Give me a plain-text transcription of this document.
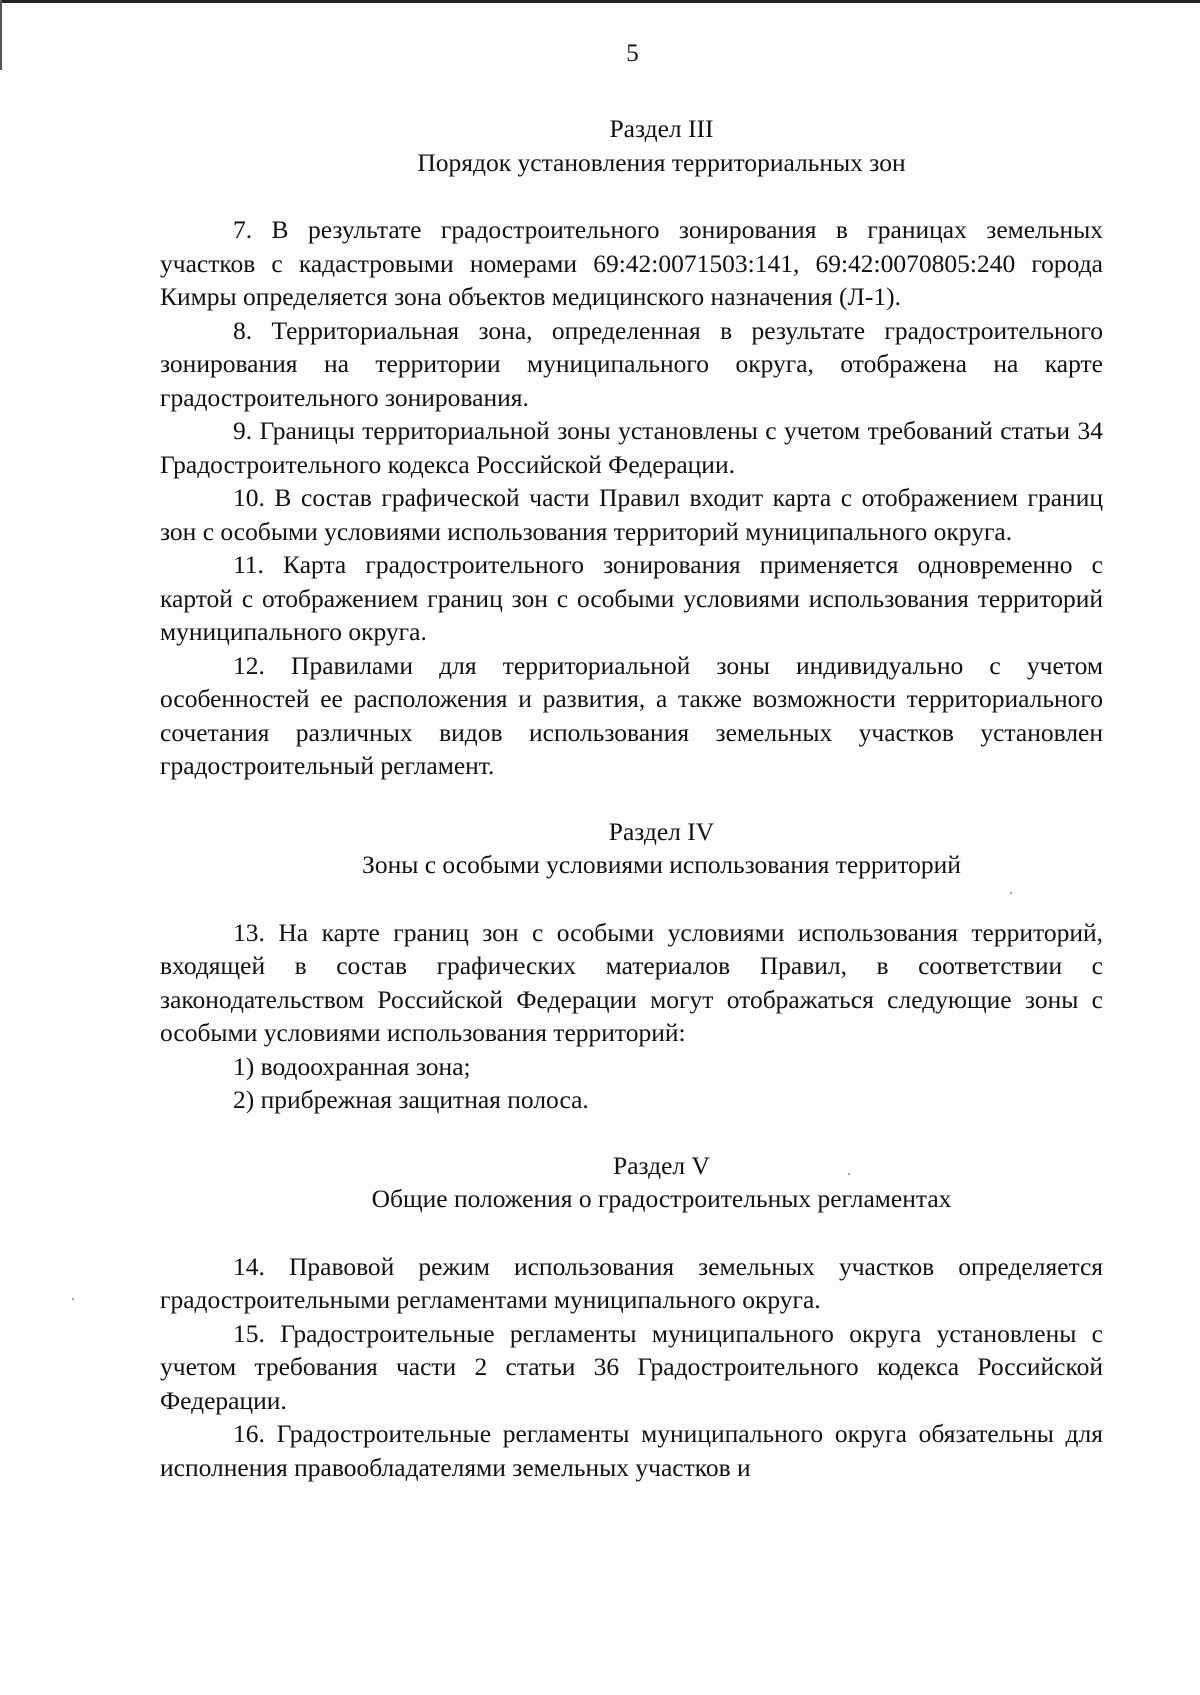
5
Раздел III
Порядок установления территориальных зон

7. В результате градостроительного зонирования в границах земельных участков с кадастровыми номерами 69:42:0071503:141, 69:42:0070805:240 города Кимры определяется зона объектов медицинского назначения (Л-1).

8. Территориальная зона, определенная в результате градостроительного зонирования на территории муниципального округа, отображена на карте градостроительного зонирования.

9. Границы территориальной зоны установлены с учетом требований статьи 34 Градостроительного кодекса Российской Федерации.

10. В состав графической части Правил входит карта с отображением границ зон с особыми условиями использования территорий муниципального округа.

11. Карта градостроительного зонирования применяется одновременно с картой с отображением границ зон с особыми условиями использования территорий муниципального округа.

12. Правилами для территориальной зоны индивидуально с учетом особенностей ее расположения и развития, а также возможности территориального сочетания различных видов использования земельных участков установлен градостроительный регламент.

Раздел IV
Зоны с особыми условиями использования территорий

13. На карте границ зон с особыми условиями использования территорий, входящей в состав графических материалов Правил, в соответствии с законодательством Российской Федерации могут отображаться следующие зоны с особыми условиями использования территорий:

1) водоохранная зона;

2) прибрежная защитная полоса.

Раздел V
Общие положения о градостроительных регламентах

14. Правовой режим использования земельных участков определяется градостроительными регламентами муниципального округа.

15. Градостроительные регламенты муниципального округа установлены с учетом требования части 2 статьи 36 Градостроительного кодекса Российской Федерации.

16. Градостроительные регламенты муниципального округа обязательны для исполнения правообладателями земельных участков и
